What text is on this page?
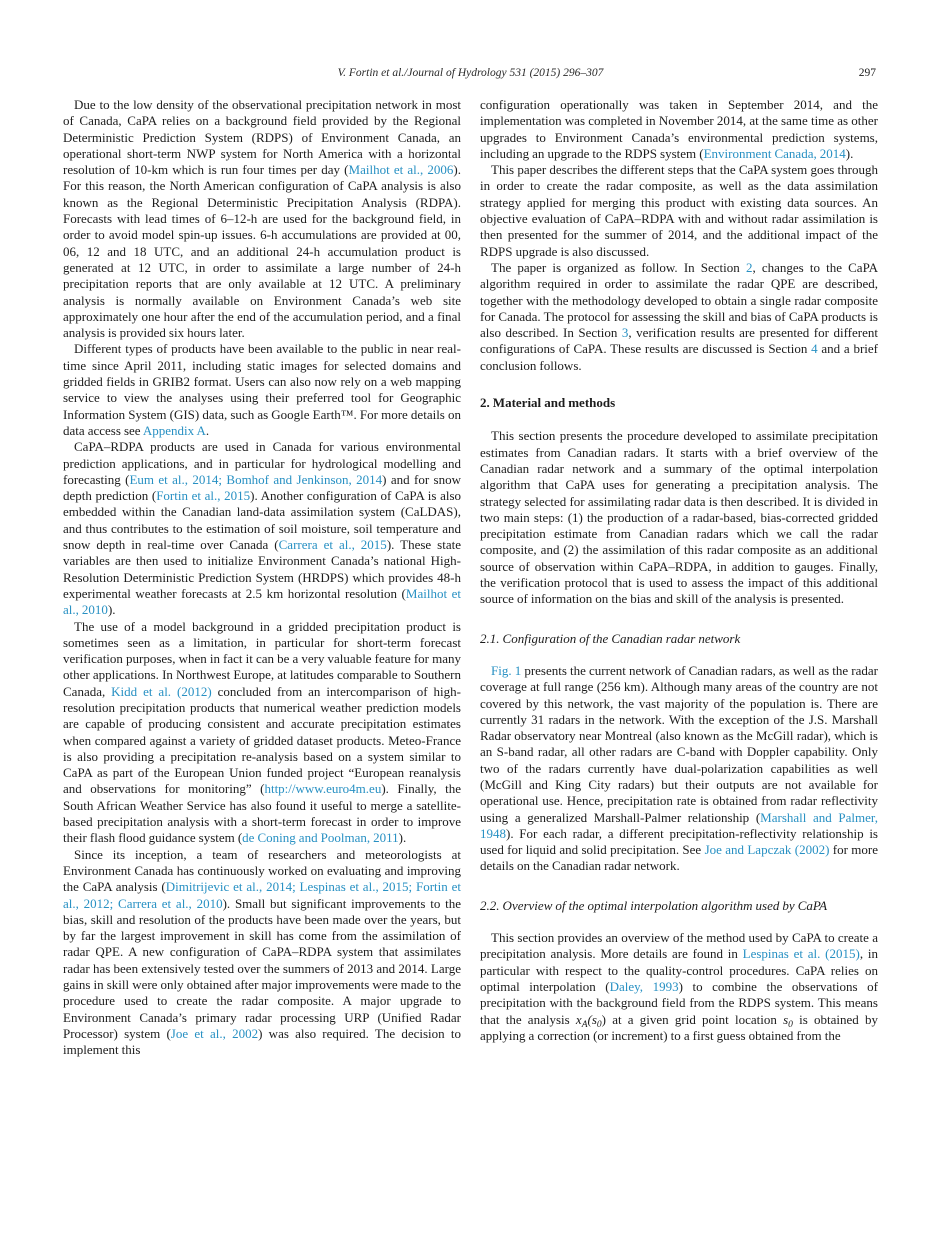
V. Fortin et al./Journal of Hydrology 531 (2015) 296–307	297

Due to the low density of the observational precipitation network in most of Canada, CaPA relies on a background field provided by the Regional Deterministic Prediction System (RDPS) of Environment Canada, an operational short-term NWP system for North America with a horizontal resolution of 10-km which is run four times per day (Mailhot et al., 2006). For this reason, the North American configuration of CaPA analysis is also known as the Regional Deterministic Precipitation Analysis (RDPA). Forecasts with lead times of 6–12-h are used for the background field, in order to avoid model spin-up issues. 6-h accumulations are provided at 00, 06, 12 and 18 UTC, and an additional 24-h accumulation product is generated at 12 UTC, in order to assimilate a large number of 24-h precipitation reports that are only available at 12 UTC. A preliminary analysis is normally available on Environment Canada’s web site approximately one hour after the end of the accumulation period, and a final analysis is provided six hours later.

Different types of products have been available to the public in near real-time since April 2011, including static images for selected domains and gridded fields in GRIB2 format. Users can also now rely on a web mapping service to view the analyses using their preferred tool for Geographic Information System (GIS) data, such as Google Earth™. For more details on data access see Appendix A.

CaPA–RDPA products are used in Canada for various environmental prediction applications, and in particular for hydrological modelling and forecasting (Eum et al., 2014; Bomhof and Jenkinson, 2014) and for snow depth prediction (Fortin et al., 2015). Another configuration of CaPA is also embedded within the Canadian land-data assimilation system (CaLDAS), and thus contributes to the estimation of soil moisture, soil temperature and snow depth in real-time over Canada (Carrera et al., 2015). These state variables are then used to initialize Environment Canada’s national High-Resolution Deterministic Prediction System (HRDPS) which provides 48-h experimental weather forecasts at 2.5 km horizontal resolution (Mailhot et al., 2010).

The use of a model background in a gridded precipitation product is sometimes seen as a limitation, in particular for short-term forecast verification purposes, when in fact it can be a very valuable feature for many other applications. In Northwest Europe, at latitudes comparable to Southern Canada, Kidd et al. (2012) concluded from an intercomparison of high-resolution precipitation products that numerical weather prediction models are capable of producing consistent and accurate precipitation estimates when compared against a variety of gridded dataset products. Meteo-France is also providing a precipitation re-analysis based on a system similar to CaPA as part of the European Union funded project “European reanalysis and observations for monitoring” (http://www.euro4m.eu). Finally, the South African Weather Service has also found it useful to merge a satellite-based precipitation analysis with a short-term forecast in order to improve their flash flood guidance system (de Coning and Poolman, 2011).

Since its inception, a team of researchers and meteorologists at Environment Canada has continuously worked on evaluating and improving the CaPA analysis (Dimitrijevic et al., 2014; Lespinas et al., 2015; Fortin et al., 2012; Carrera et al., 2010). Small but significant improvements to the bias, skill and resolution of the products have been made over the years, but by far the largest improvement in skill has come from the assimilation of radar QPE. A new configuration of CaPA–RDPA system that assimilates radar has been extensively tested over the summers of 2013 and 2014. Large gains in skill were only obtained after major improvements were made to the procedure used to create the radar composite. A major upgrade to Environment Canada’s primary radar processing URP (Unified Radar Processor) system (Joe et al., 2002) was also required. The decision to implement this

configuration operationally was taken in September 2014, and the implementation was completed in November 2014, at the same time as other upgrades to Environment Canada’s environmental prediction systems, including an upgrade to the RDPS system (Environment Canada, 2014).

This paper describes the different steps that the CaPA system goes through in order to create the radar composite, as well as the data assimilation strategy applied for merging this product with existing data sources. An objective evaluation of CaPA–RDPA with and without radar assimilation is then presented for the summer of 2014, and the additional impact of the RDPS upgrade is also discussed.

The paper is organized as follow. In Section 2, changes to the CaPA algorithm required in order to assimilate the radar QPE are described, together with the methodology developed to obtain a single radar composite for Canada. The protocol for assessing the skill and bias of CaPA products is also described. In Section 3, verification results are presented for different configurations of CaPA. These results are discussed is Section 4 and a brief conclusion follows.

2. Material and methods

This section presents the procedure developed to assimilate precipitation estimates from Canadian radars. It starts with a brief overview of the Canadian radar network and a summary of the optimal interpolation algorithm that CaPA uses for generating a precipitation analysis. The strategy selected for assimilating radar data is then described. It is divided in two main steps: (1) the production of a radar-based, bias-corrected gridded precipitation estimate from Canadian radars which we call the radar composite, and (2) the assimilation of this radar composite as an additional source of observation within CaPA–RDPA, in addition to gauges. Finally, the verification protocol that is used to assess the impact of this additional source of information on the bias and skill of the analysis is presented.

2.1. Configuration of the Canadian radar network

Fig. 1 presents the current network of Canadian radars, as well as the radar coverage at full range (256 km). Although many areas of the country are not covered by this network, the vast majority of the population is. There are currently 31 radars in the network. With the exception of the J.S. Marshall Radar observatory near Montreal (also known as the McGill radar), which is an S-band radar, all other radars are C-band with Doppler capability. Only two of the radars currently have dual-polarization capabilities as well (McGill and King City radars) but their outputs are not available for operational use. Hence, precipitation rate is obtained from radar reflectivity using a generalized Marshall-Palmer relationship (Marshall and Palmer, 1948). For each radar, a different precipitation-reflectivity relationship is used for liquid and solid precipitation. See Joe and Lapczak (2002) for more details on the Canadian radar network.

2.2. Overview of the optimal interpolation algorithm used by CaPA

This section provides an overview of the method used by CaPA to create a precipitation analysis. More details are found in Lespinas et al. (2015), in particular with respect to the quality-control procedures. CaPA relies on optimal interpolation (Daley, 1993) to combine the observations of precipitation with the background field from the RDPS system. This means that the analysis $x_A(s_0)$ at a given grid point location $s_0$ is obtained by applying a correction (or increment) to a first guess obtained from the
